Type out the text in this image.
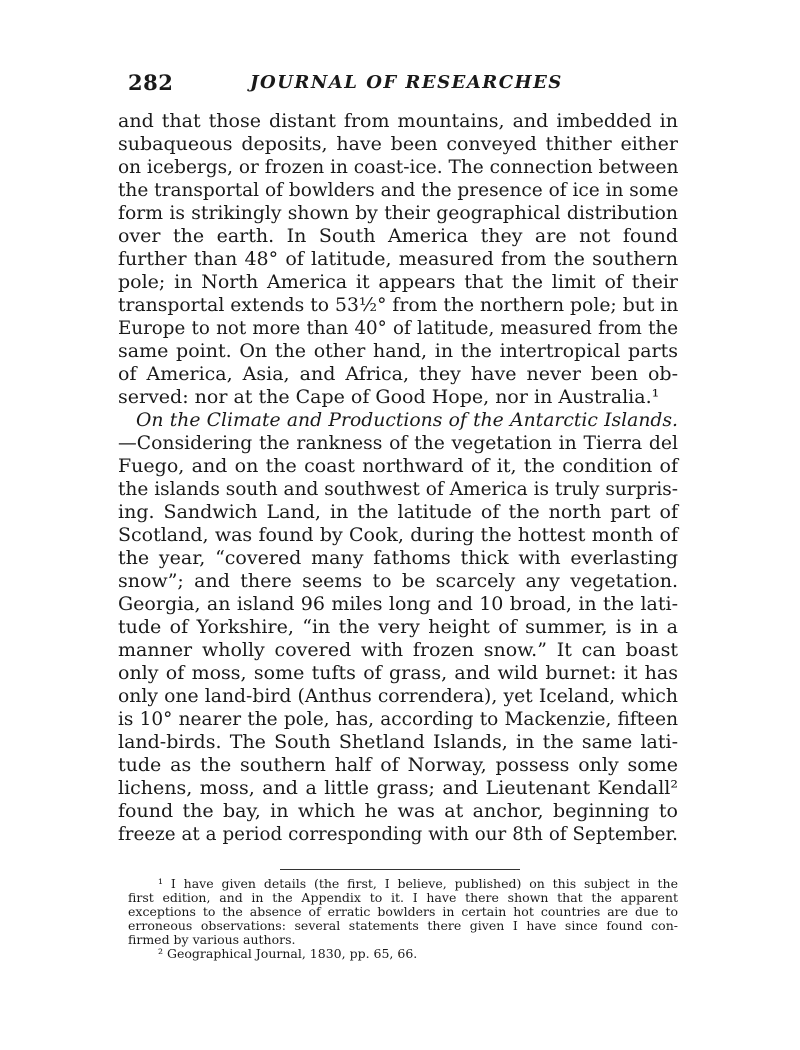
282	JOURNAL OF RESEARCHES
and that those distant from mountains, and imbedded in
subaqueous deposits, have been conveyed thither either
on icebergs, or frozen in coast-ice. The connection between
the transportal of bowlders and the presence of ice in some
form is strikingly shown by their geographical distribution
over the earth. In South America they are not found
further than 48° of latitude, measured from the southern
pole; in North America it appears that the limit of their
transportal extends to 53½° from the northern pole; but in
Europe to not more than 40° of latitude, measured from the
same point. On the other hand, in the intertropical parts
of America, Asia, and Africa, they have never been ob-
served: nor at the Cape of Good Hope, nor in Australia.¹
On the Climate and Productions of the Antarctic Islands.
—Considering the rankness of the vegetation in Tierra del
Fuego, and on the coast northward of it, the condition of
the islands south and southwest of America is truly surpris-
ing. Sandwich Land, in the latitude of the north part of
Scotland, was found by Cook, during the hottest month of
the year, “covered many fathoms thick with everlasting
snow”; and there seems to be scarcely any vegetation.
Georgia, an island 96 miles long and 10 broad, in the lati-
tude of Yorkshire, “in the very height of summer, is in a
manner wholly covered with frozen snow.” It can boast
only of moss, some tufts of grass, and wild burnet: it has
only one land-bird (Anthus correndera), yet Iceland, which
is 10° nearer the pole, has, according to Mackenzie, fifteen
land-birds. The South Shetland Islands, in the same lati-
tude as the southern half of Norway, possess only some
lichens, moss, and a little grass; and Lieutenant Kendall²
found the bay, in which he was at anchor, beginning to
freeze at a period corresponding with our 8th of September.
¹ I have given details (the first, I believe, published) on this subject in the
first edition, and in the Appendix to it. I have there shown that the apparent
exceptions to the absence of erratic bowlders in certain hot countries are due to
erroneous observations: several statements there given I have since found con-
firmed by various authors.
² Geographical Journal, 1830, pp. 65, 66.
